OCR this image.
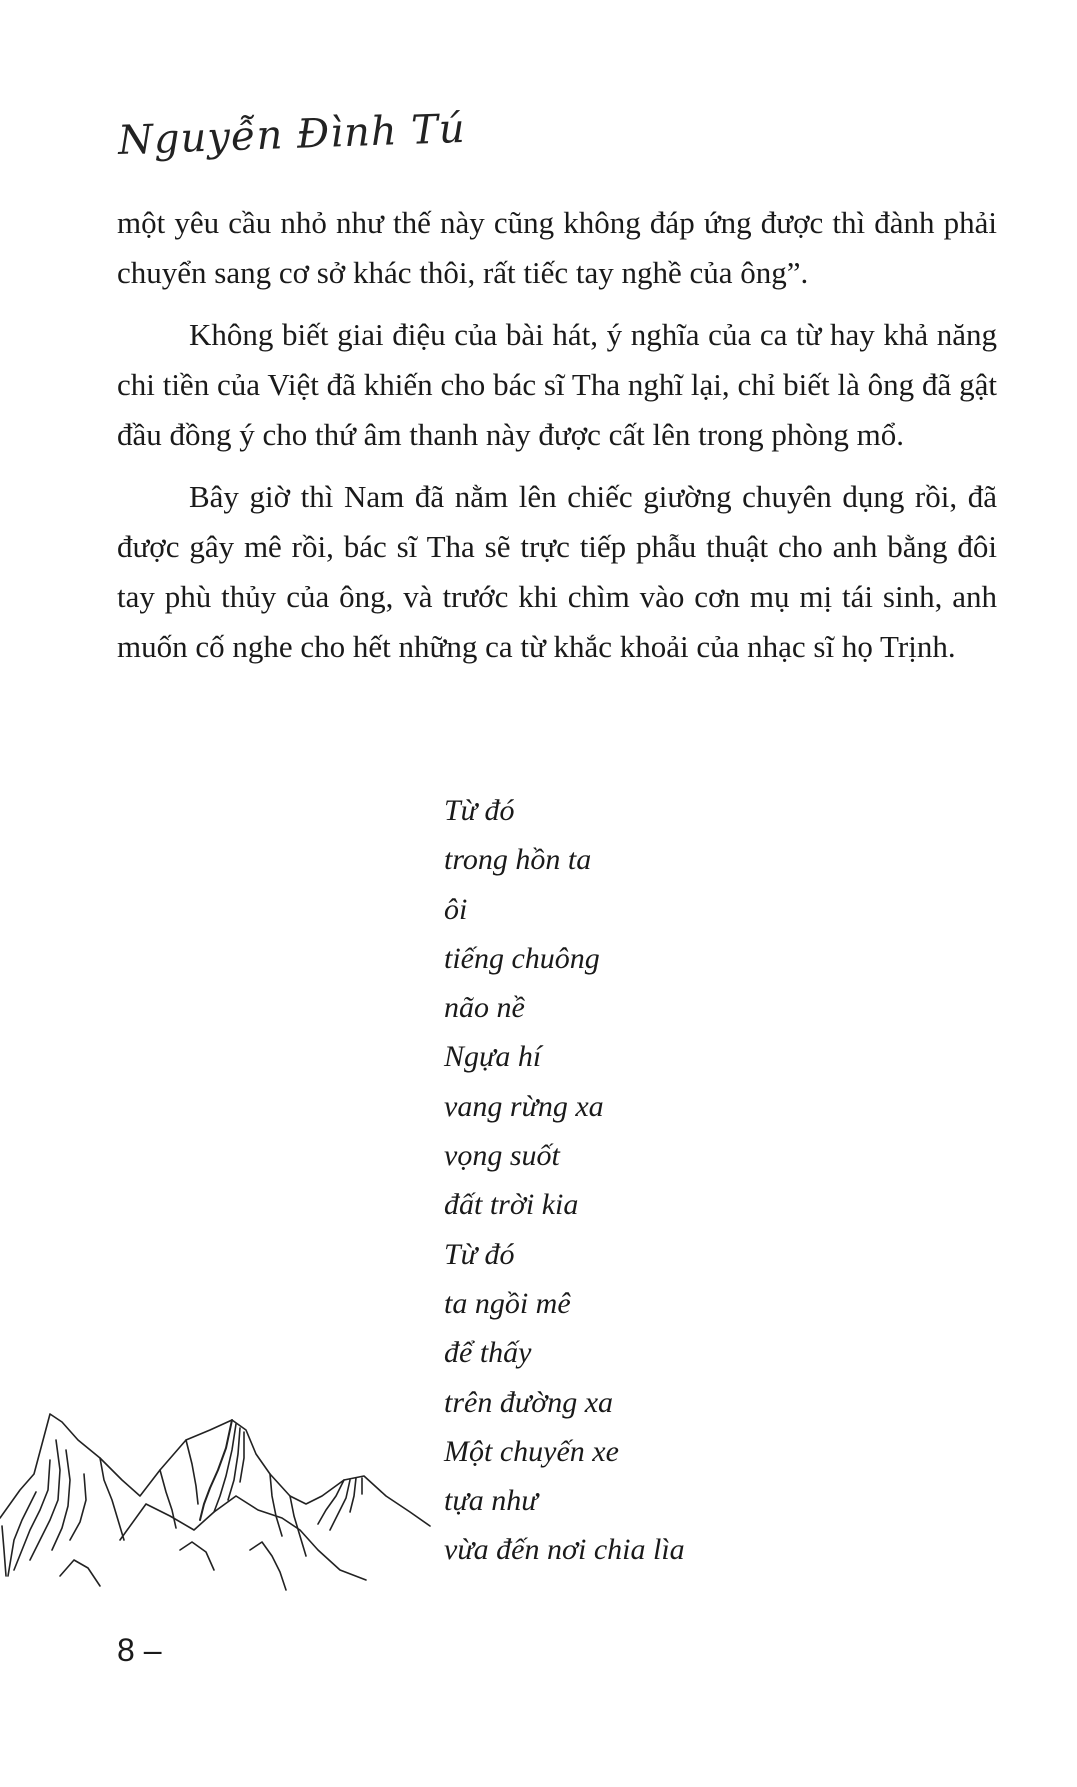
Nguyễn Đình Tú

một yêu cầu nhỏ như thế này cũng không đáp ứng được thì đành phải chuyển sang cơ sở khác thôi, rất tiếc tay nghề của ông”.

Không biết giai điệu của bài hát, ý nghĩa của ca từ hay khả năng chi tiền của Việt đã khiến cho bác sĩ Tha nghĩ lại, chỉ biết là ông đã gật đầu đồng ý cho thứ âm thanh này được cất lên trong phòng mổ.

Bây giờ thì Nam đã nằm lên chiếc giường chuyên dụng rồi, đã được gây mê rồi, bác sĩ Tha sẽ trực tiếp phẫu thuật cho anh bằng đôi tay phù thủy của ông, và trước khi chìm vào cơn mụ mị tái sinh, anh muốn cố nghe cho hết những ca từ khắc khoải của nhạc sĩ họ Trịnh.

Từ đó
trong hồn ta
ôi
tiếng chuông
não nề
Ngựa hí
vang rừng xa
vọng suốt
đất trời kia
Từ đó
ta ngồi mê
để thấy
trên đường xa
Một chuyến xe
tựa như
vừa đến nơi chia lìa
8 –
